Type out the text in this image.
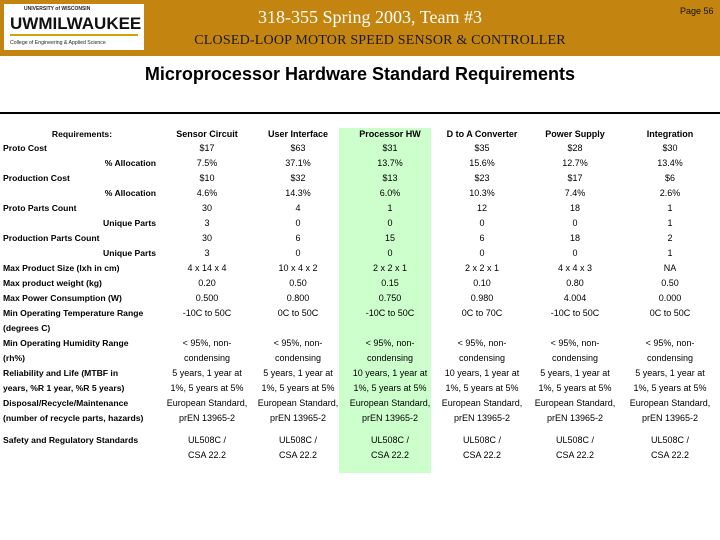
UNIVERSITY of WISCONSIN
UWMILWAUKEE
College of Engineering & Applied Science
318-355 Spring 2003, Team #3
CLOSED-LOOP MOTOR SPEED SENSOR & CONTROLLER
Page 56
Microprocessor Hardware Standard Requirements
Requirements:	Sensor Circuit	User Interface	Processor HW	D to A Converter	Power Supply	Integration
Proto Cost	$17	$63	$31	$35	$28	$30
% Allocation	7.5%	37.1%	13.7%	15.6%	12.7%	13.4%
Production Cost	$10	$32	$13	$23	$17	$6
% Allocation	4.6%	14.3%	6.0%	10.3%	7.4%	2.6%
Proto Parts Count	30	4	1	12	18	1
Unique Parts	3	0	0	0	0	1
Production Parts Count	30	6	15	6	18	2
Unique Parts	3	0	0	0	0	1
Max Product Size (lxh in cm)	4 x 14 x 4	10 x 4 x 2	2 x 2 x 1	2 x 2 x 1	4 x 4 x 3	NA
Max product weight (kg)	0.20	0.50	0.15	0.10	0.80	0.50
Max Power Consumption (W)	0.500	0.800	0.750	0.980	4.004	0.000
Min Operating Temperature Range	-10C to 50C	0C to 50C	-10C to 50C	0C to 70C	-10C to 50C	0C to 50C
(degrees C)						
Min Operating Humidity Range	< 95%, non-	< 95%, non-	< 95%, non-	< 95%, non-	< 95%, non-	< 95%, non-
(rh%)	condensing	condensing	condensing	condensing	condensing	condensing
Reliability and Life (MTBF in	5 years, 1 year at	5 years, 1 year at	10 years, 1 year at	10 years, 1 year at	5 years, 1 year at	5 years, 1 year at
years, %R 1 year, %R 5 years)	1%, 5 years at 5%	1%, 5 years at 5%	1%, 5 years at 5%	1%, 5 years at 5%	1%, 5 years at 5%	1%, 5 years at 5%
Disposal/Recycle/Maintenance	European Standard,	European Standard,	European Standard,	European Standard,	European Standard,	European Standard,
(number of recycle parts, hazards)	prEN 13965-2	prEN 13965-2	prEN 13965-2	prEN 13965-2	prEN 13965-2	prEN 13965-2

Safety and Regulatory Standards	UL508C /	UL508C /	UL508C /	UL508C /	UL508C /	UL508C /
	CSA 22.2	CSA 22.2	CSA 22.2	CSA 22.2	CSA 22.2	CSA 22.2
